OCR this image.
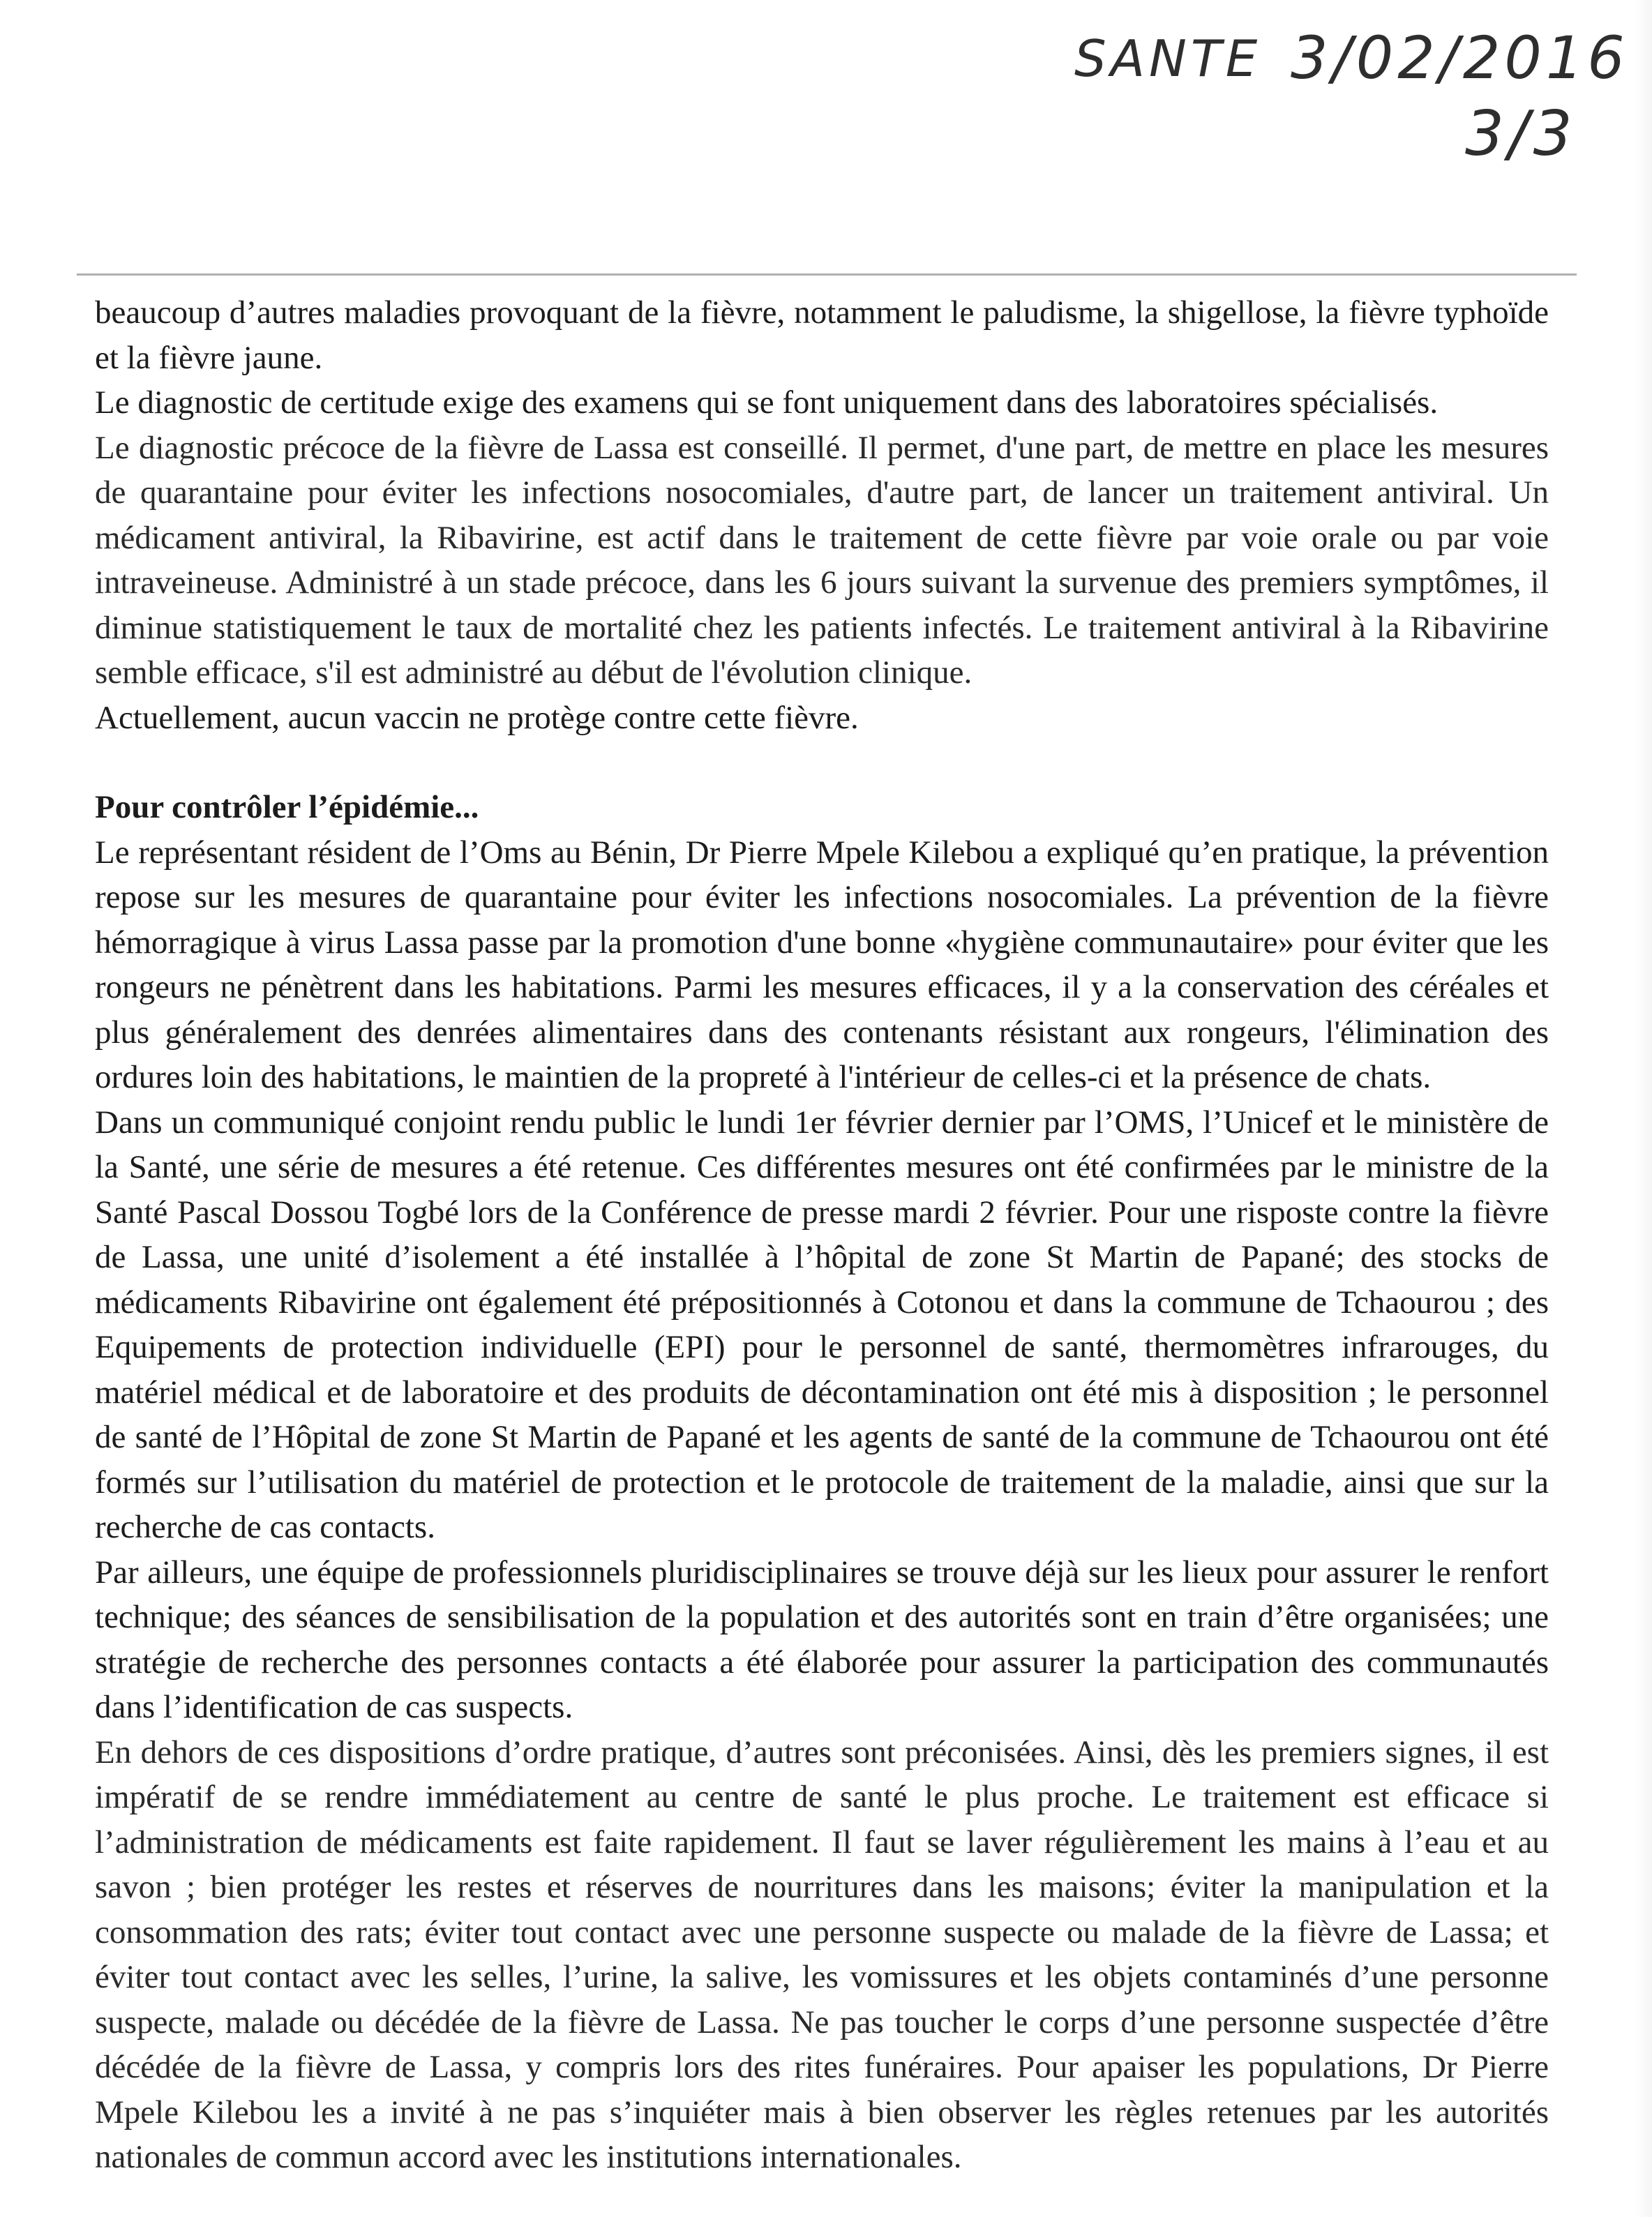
SANTE 3/02/2016
3/3

beaucoup d’autres maladies provoquant de la fièvre, notamment le paludisme, la shigellose, la fièvre typhoïde et la fièvre jaune.

Le diagnostic de certitude exige des examens qui se font uniquement dans des laboratoires spécialisés.

Le diagnostic précoce de la fièvre de Lassa est conseillé. Il permet, d'une part, de mettre en place les mesures de quarantaine pour éviter les infections nosocomiales, d'autre part, de lancer un traitement antiviral. Un médicament antiviral, la Ribavirine, est actif dans le traitement de cette fièvre par voie orale ou par voie intraveineuse. Administré à un stade précoce, dans les 6 jours suivant la survenue des premiers symptômes, il diminue statistiquement le taux de mortalité chez les patients infectés. Le traitement antiviral à la Ribavirine semble efficace, s'il est administré au début de l'évolution clinique.

Actuellement, aucun vaccin ne protège contre cette fièvre.

Pour contrôler l’épidémie...

Le représentant résident de l’Oms au Bénin, Dr Pierre Mpele Kilebou a expliqué qu’en pratique, la prévention repose sur les mesures de quarantaine pour éviter les infections nosocomiales. La prévention de la fièvre hémorragique à virus Lassa passe par la promotion d'une bonne «hygiène communautaire» pour éviter que les rongeurs ne pénètrent dans les habitations. Parmi les mesures efficaces, il y a la conservation des céréales et plus généralement des denrées alimentaires dans des contenants résistant aux rongeurs, l'élimination des ordures loin des habitations, le maintien de la propreté à l'intérieur de celles-ci et la présence de chats.

Dans un communiqué conjoint rendu public le lundi 1er février dernier par l’OMS, l’Unicef et le ministère de la Santé, une série de mesures a été retenue. Ces différentes mesures ont été confirmées par le ministre de la Santé Pascal Dossou Togbé lors de la Conférence de presse mardi 2 février. Pour une risposte contre la fièvre de Lassa, une unité d’isolement a été installée à l’hôpital de zone St Martin de Papané; des stocks de médicaments Ribavirine ont également été prépositionnés à Cotonou et dans la commune de Tchaourou ; des Equipements de protection individuelle (EPI) pour le personnel de santé, thermomètres infrarouges, du matériel médical et de laboratoire et des produits de décontamination ont été mis à disposition ; le personnel de santé de l’Hôpital de zone St Martin de Papané et les agents de santé de la commune de Tchaourou ont été formés sur l’utilisation du matériel de protection et le protocole de traitement de la maladie, ainsi que sur la recherche de cas contacts.

Par ailleurs, une équipe de professionnels pluridisciplinaires se trouve déjà sur les lieux pour assurer le renfort technique; des séances de sensibilisation de la population et des autorités sont en train d’être organisées; une stratégie de recherche des personnes contacts a été élaborée pour assurer la participation des communautés dans l’identification de cas suspects.

En dehors de ces dispositions d’ordre pratique, d’autres sont préconisées. Ainsi, dès les premiers signes, il est impératif de se rendre immédiatement au centre de santé le plus proche. Le traitement est efficace si l’administration de médicaments est faite rapidement. Il faut se laver régulièrement les mains à l’eau et au savon ; bien protéger les restes et réserves de nourritures dans les maisons; éviter la manipulation et la consommation des rats; éviter tout contact avec une personne suspecte ou malade de la fièvre de Lassa; et éviter tout contact avec les selles, l’urine, la salive, les vomissures et les objets contaminés d’une personne suspecte, malade ou décédée de la fièvre de Lassa. Ne pas toucher le corps d’une personne suspectée d’être décédée de la fièvre de Lassa, y compris lors des rites funéraires. Pour apaiser les populations, Dr Pierre Mpele Kilebou les a invité à ne pas s’inquiéter mais à bien observer les règles retenues par les autorités nationales de commun accord avec les institutions internationales.
